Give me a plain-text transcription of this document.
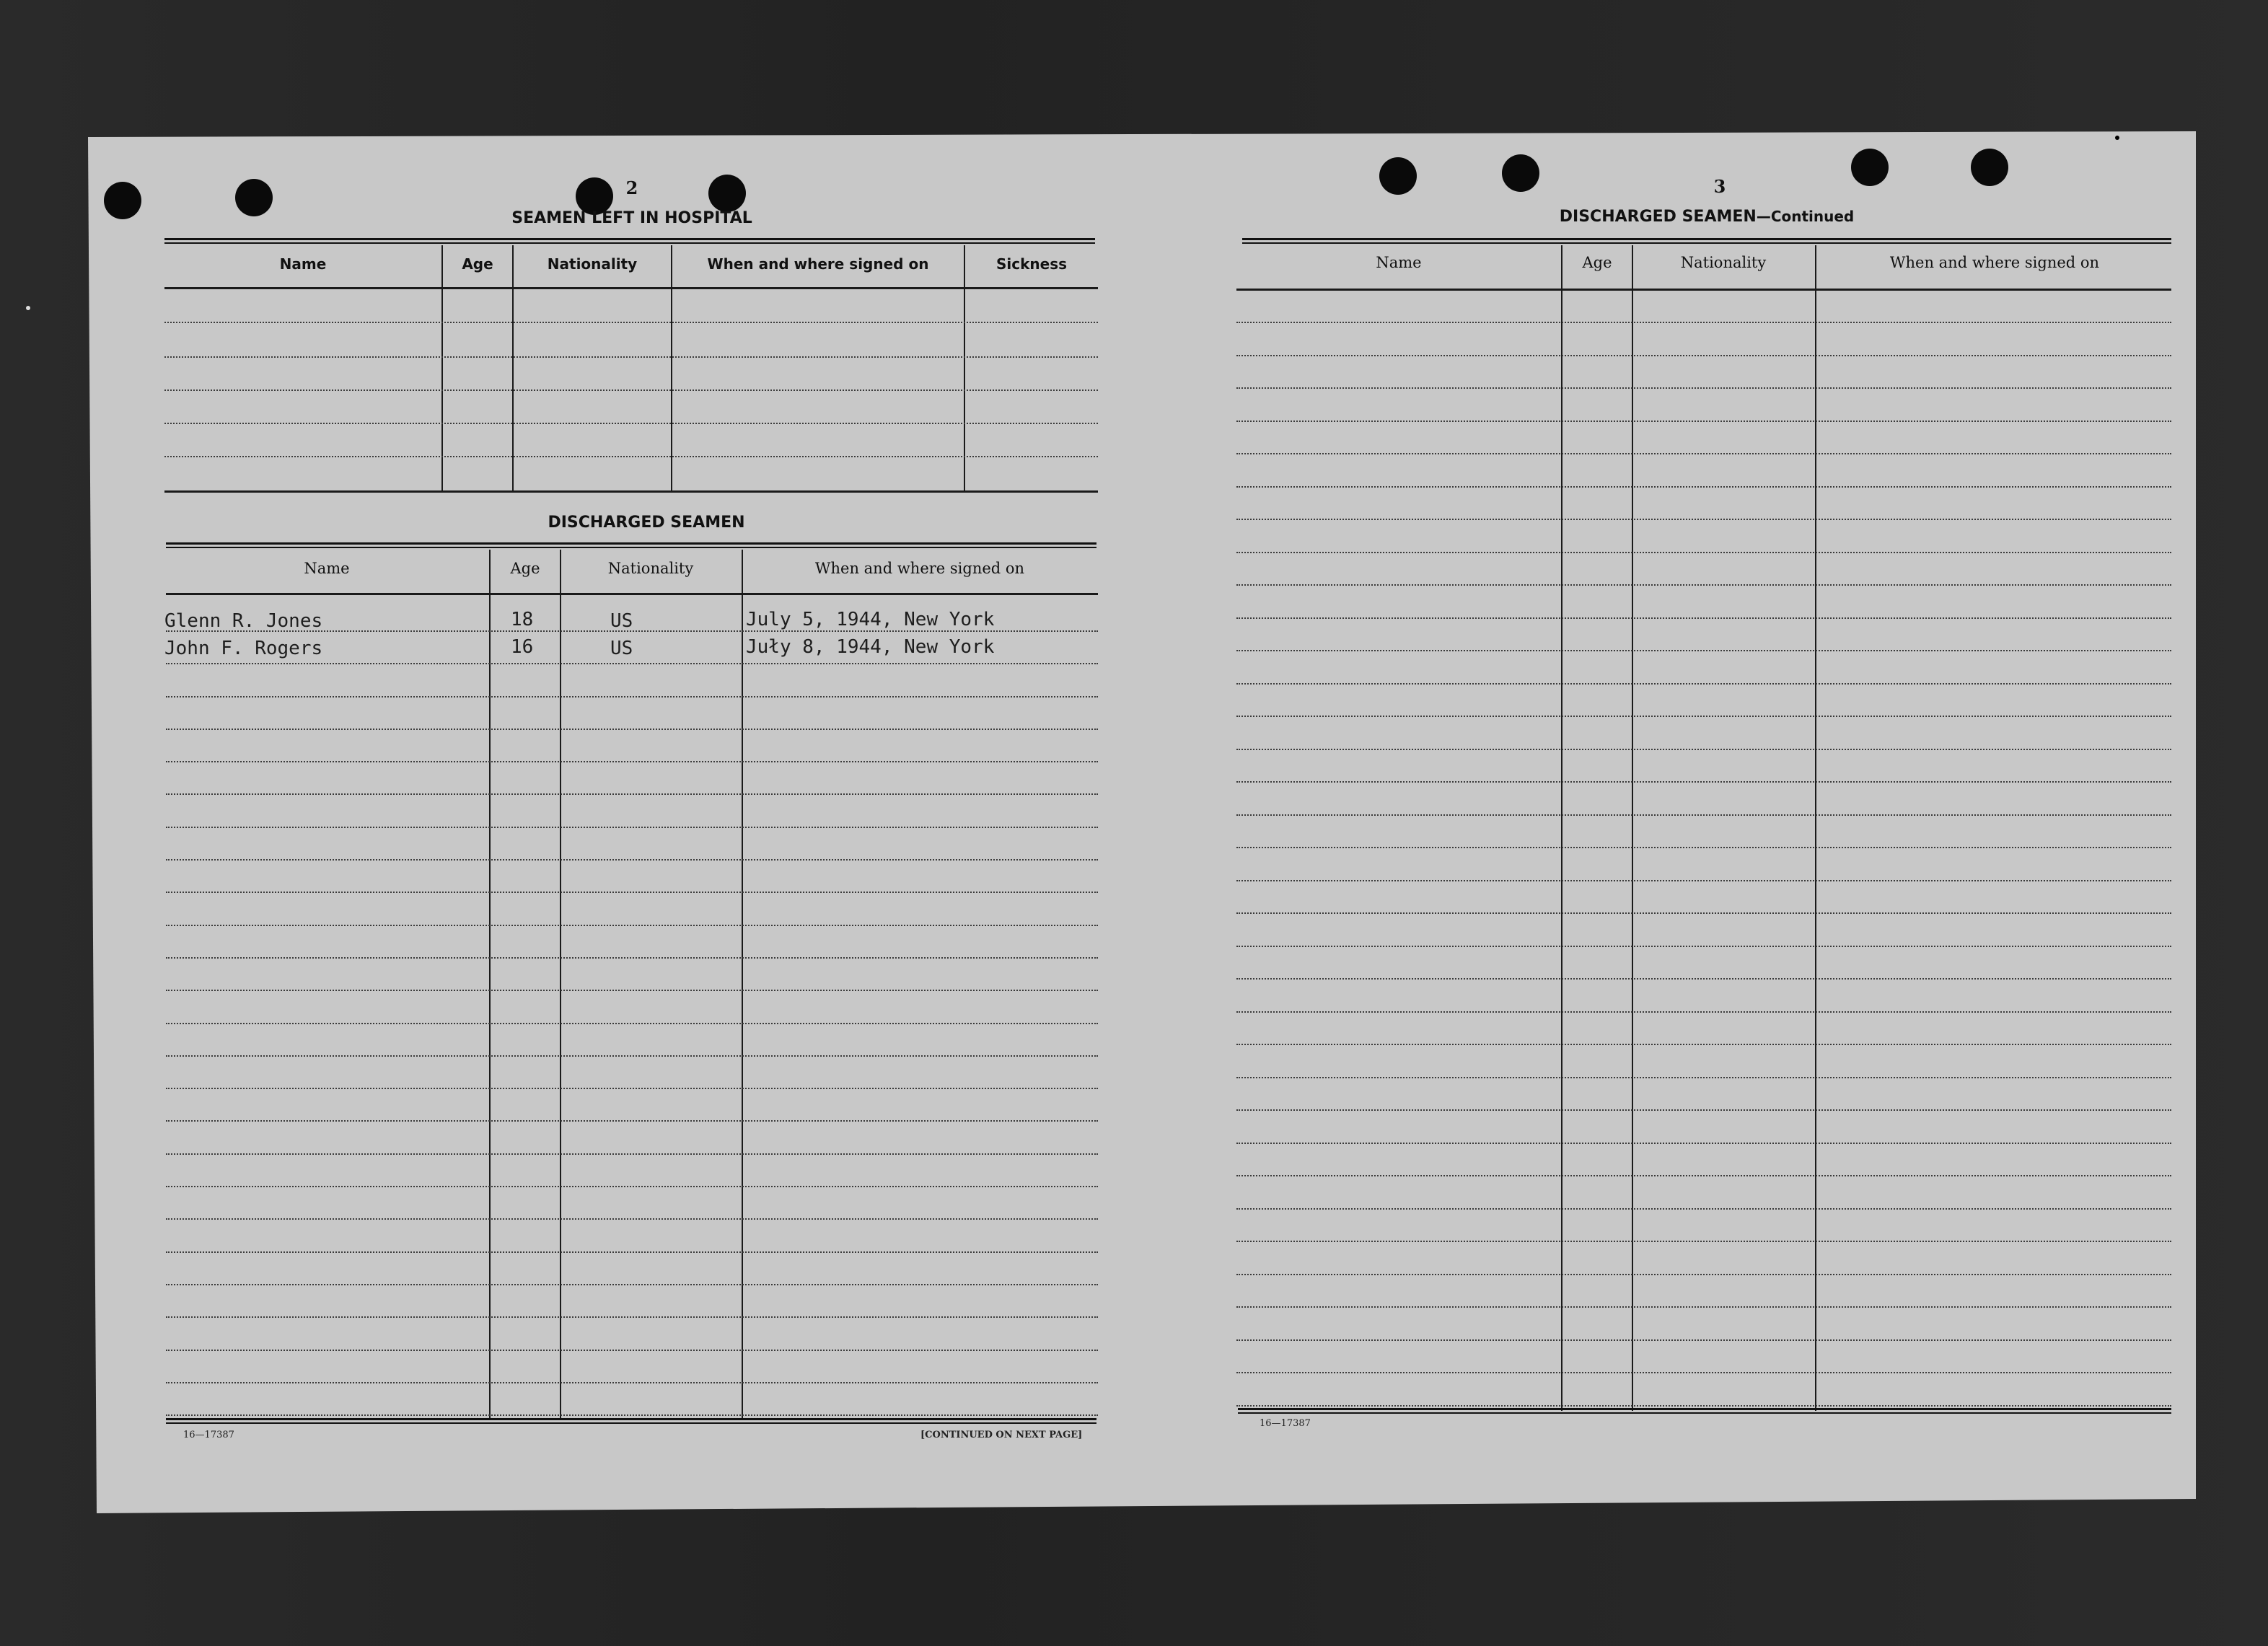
2
SEAMEN LEFT IN HOSPITAL
Name	Age	Nationality	When and where signed on	Sickness
DISCHARGED SEAMEN
Name	Age	Nationality	When and where signed on
Glenn R. Jones	18	US	July 5, 1944, New York
John F. Rogers	16	US	Juły 8, 1944, New York
16—17387	[CONTINUED ON NEXT PAGE]
3
DISCHARGED SEAMEN—Continued
Name	Age	Nationality	When and where signed on
16—17387
